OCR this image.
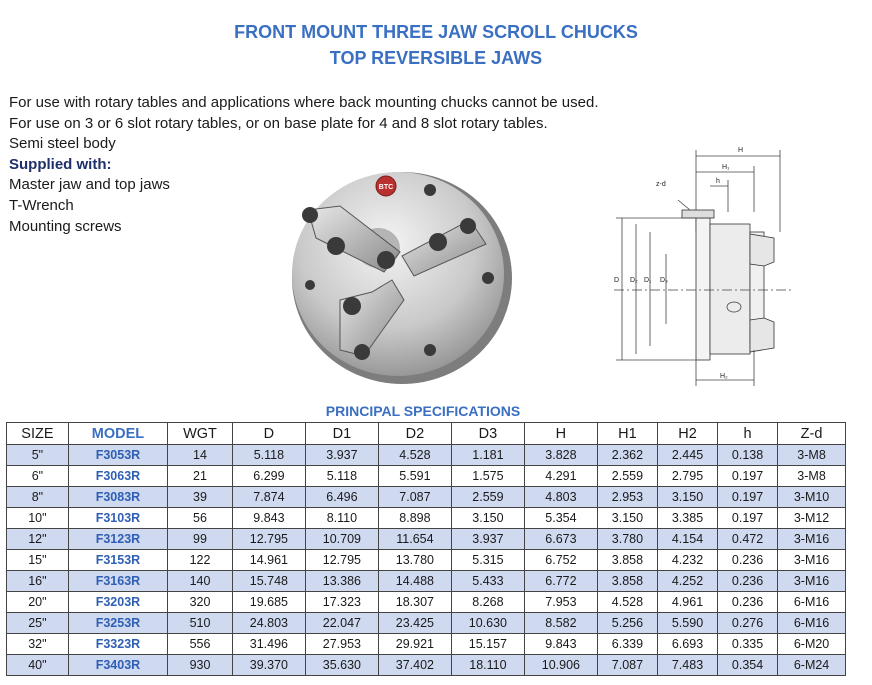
FRONT MOUNT THREE JAW SCROLL CHUCKS
TOP REVERSIBLE JAWS
For use with rotary tables and applications where back mounting chucks cannot be used.
For use on 3 or 6 slot rotary tables, or on base plate for 4 and 8 slot rotary tables.
Semi steel body
Supplied with:
Master jaw and top jaws
T-Wrench
Mounting screws
BTC
H
H₁
h
z-d
H₂
D D₂ D₁ D₃
PRINCIPAL SPECIFICATIONS
SIZE	MODEL	WGT	D	D1	D2	D3	H	H1	H2	h	Z-d
5"	F3053R	14	5.118	3.937	4.528	1.181	3.828	2.362	2.445	0.138	3-M8
6"	F3063R	21	6.299	5.118	5.591	1.575	4.291	2.559	2.795	0.197	3-M8
8"	F3083R	39	7.874	6.496	7.087	2.559	4.803	2.953	3.150	0.197	3-M10
10"	F3103R	56	9.843	8.110	8.898	3.150	5.354	3.150	3.385	0.197	3-M12
12"	F3123R	99	12.795	10.709	11.654	3.937	6.673	3.780	4.154	0.472	3-M16
15"	F3153R	122	14.961	12.795	13.780	5.315	6.752	3.858	4.232	0.236	3-M16
16"	F3163R	140	15.748	13.386	14.488	5.433	6.772	3.858	4.252	0.236	3-M16
20"	F3203R	320	19.685	17.323	18.307	8.268	7.953	4.528	4.961	0.236	6-M16
25"	F3253R	510	24.803	22.047	23.425	10.630	8.582	5.256	5.590	0.276	6-M16
32"	F3323R	556	31.496	27.953	29.921	15.157	9.843	6.339	6.693	0.335	6-M20
40"	F3403R	930	39.370	35.630	37.402	18.110	10.906	7.087	7.483	0.354	6-M24
